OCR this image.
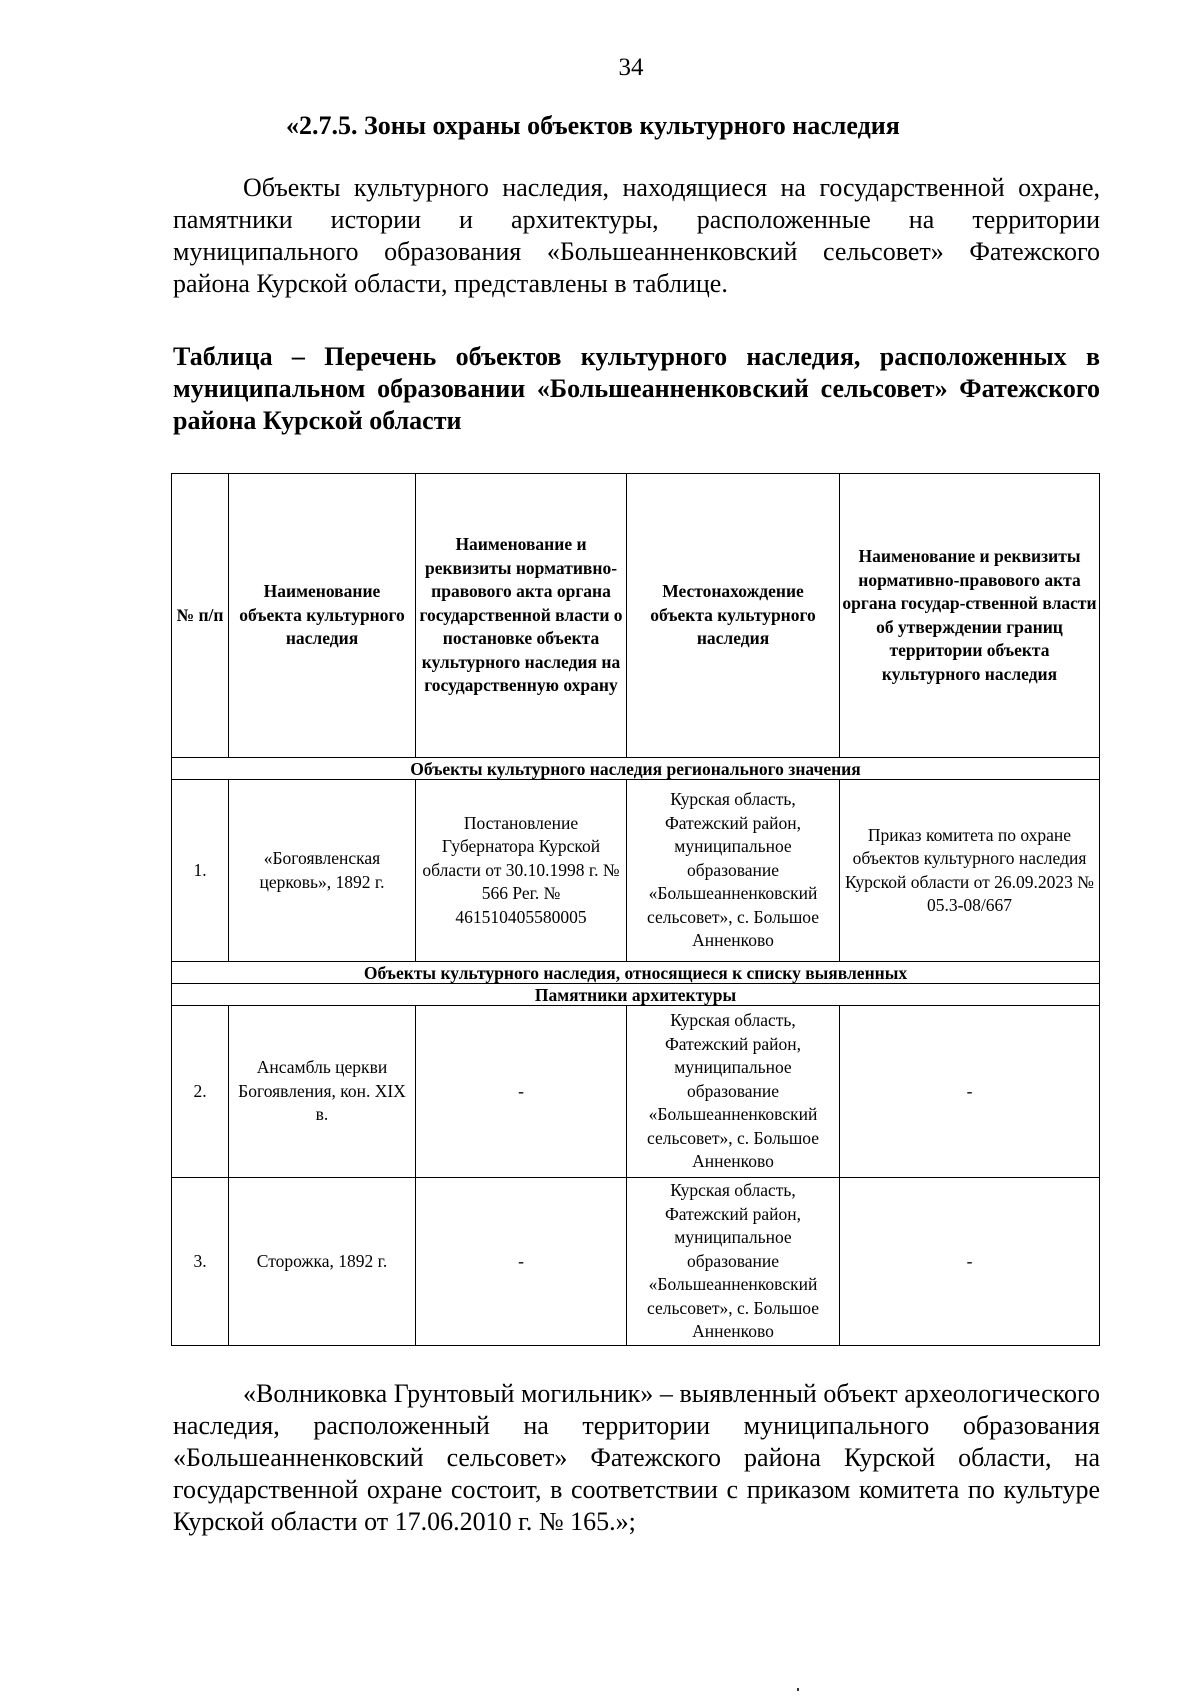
34
«2.7.5. Зоны охраны объектов культурного наследия

Объекты культурного наследия, находящиеся на государственной охране, памятники истории и архитектуры, расположенные на территории муниципального образования «Большеанненковский сельсовет» Фатежского района Курской области, представлены в таблице.

Таблица – Перечень объектов культурного наследия, расположенных в муниципальном образовании «Большеанненковский сельсовет» Фатежского района Курской области

№ п/п	Наименование объекта культурного наследия	Наименование и реквизиты нормативно-правового акта органа государственной власти о постановке объекта культурного наследия на государственную охрану	Местонахождение объекта культурного наследия	Наименование и реквизиты нормативно-правового акта органа государ-ственной власти об утверждении границ территории объекта культурного наследия
Объекты культурного наследия регионального значения				
1.	«Богоявленская церковь», 1892 г.	Постановление Губернатора Курской области от 30.10.1998 г. № 566 Рег. № 461510405580005	Курская область, Фатежский район, муниципальное образование «Большеанненковский сельсовет», с. Большое Анненково	Приказ комитета по охране объектов культурного наследия Курской области от 26.09.2023 № 05.3-08/667
Объекты культурного наследия, относящиеся к списку выявленных				
Памятники архитектуры				
2.	Ансамбль церкви Богоявления, кон. XIX в.	-	Курская область, Фатежский район, муниципальное образование «Большеанненковский сельсовет», с. Большое Анненково	-
3.	Сторожка, 1892 г.	-	Курская область, Фатежский район, муниципальное образование «Большеанненковский сельсовет», с. Большое Анненково	-

«Волниковка Грунтовый могильник» – выявленный объект археологического наследия, расположенный на территории муниципального образования «Большеанненковский сельсовет» Фатежского района Курской области, на государственной охране состоит, в соответствии с приказом комитета по культуре Курской области от 17.06.2010 г. № 165.»;
